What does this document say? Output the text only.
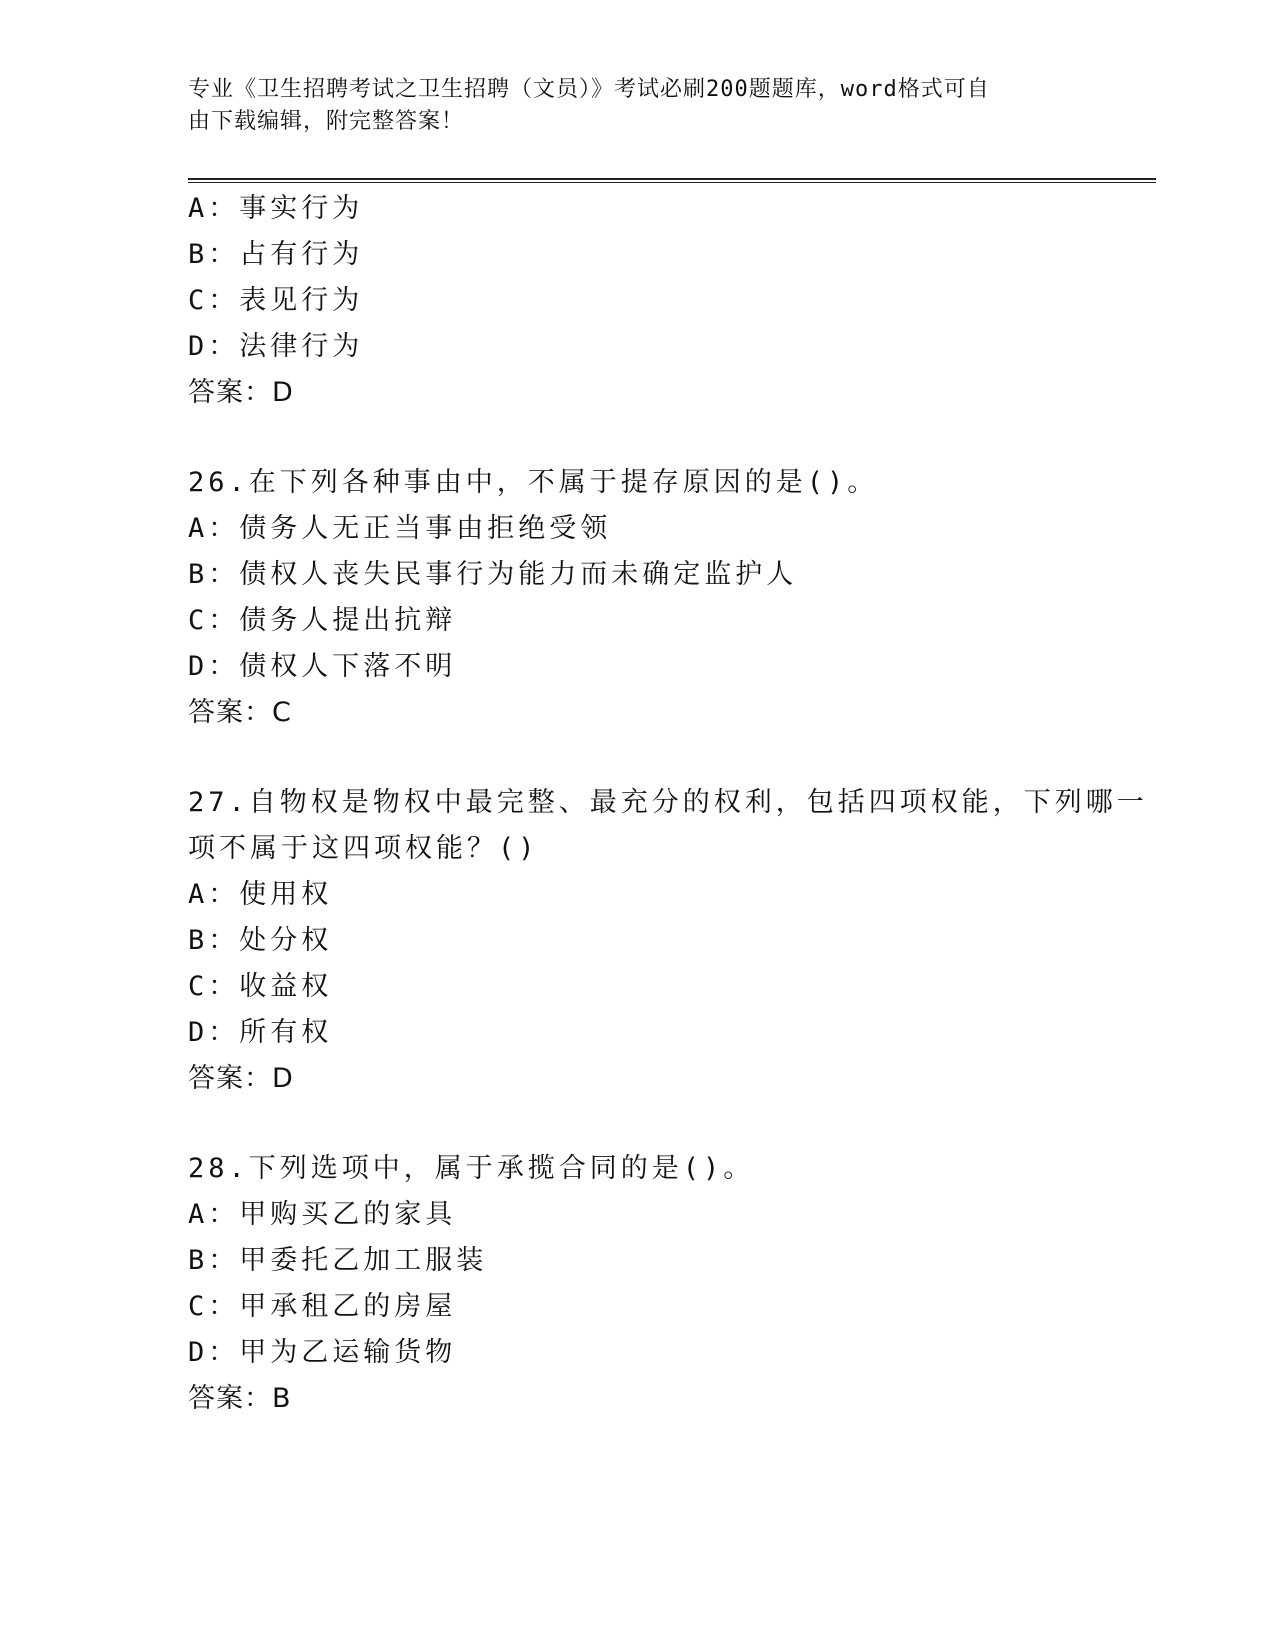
专业《卫生招聘考试之卫生招聘（文员）》考试必刷200题题库，word格式可自
由下载编辑，附完整答案！
A：事实行为
B：占有行为
C：表见行为
D：法律行为
答案：D
26.在下列各种事由中，不属于提存原因的是()。
A：债务人无正当事由拒绝受领
B：债权人丧失民事行为能力而未确定监护人
C：债务人提出抗辩
D：债权人下落不明
答案：C
27.自物权是物权中最完整、最充分的权利，包括四项权能，下列哪一
项不属于这四项权能？()
A：使用权
B：处分权
C：收益权
D：所有权
答案：D
28.下列选项中，属于承揽合同的是()。
A：甲购买乙的家具
B：甲委托乙加工服装
C：甲承租乙的房屋
D：甲为乙运输货物
答案：B
